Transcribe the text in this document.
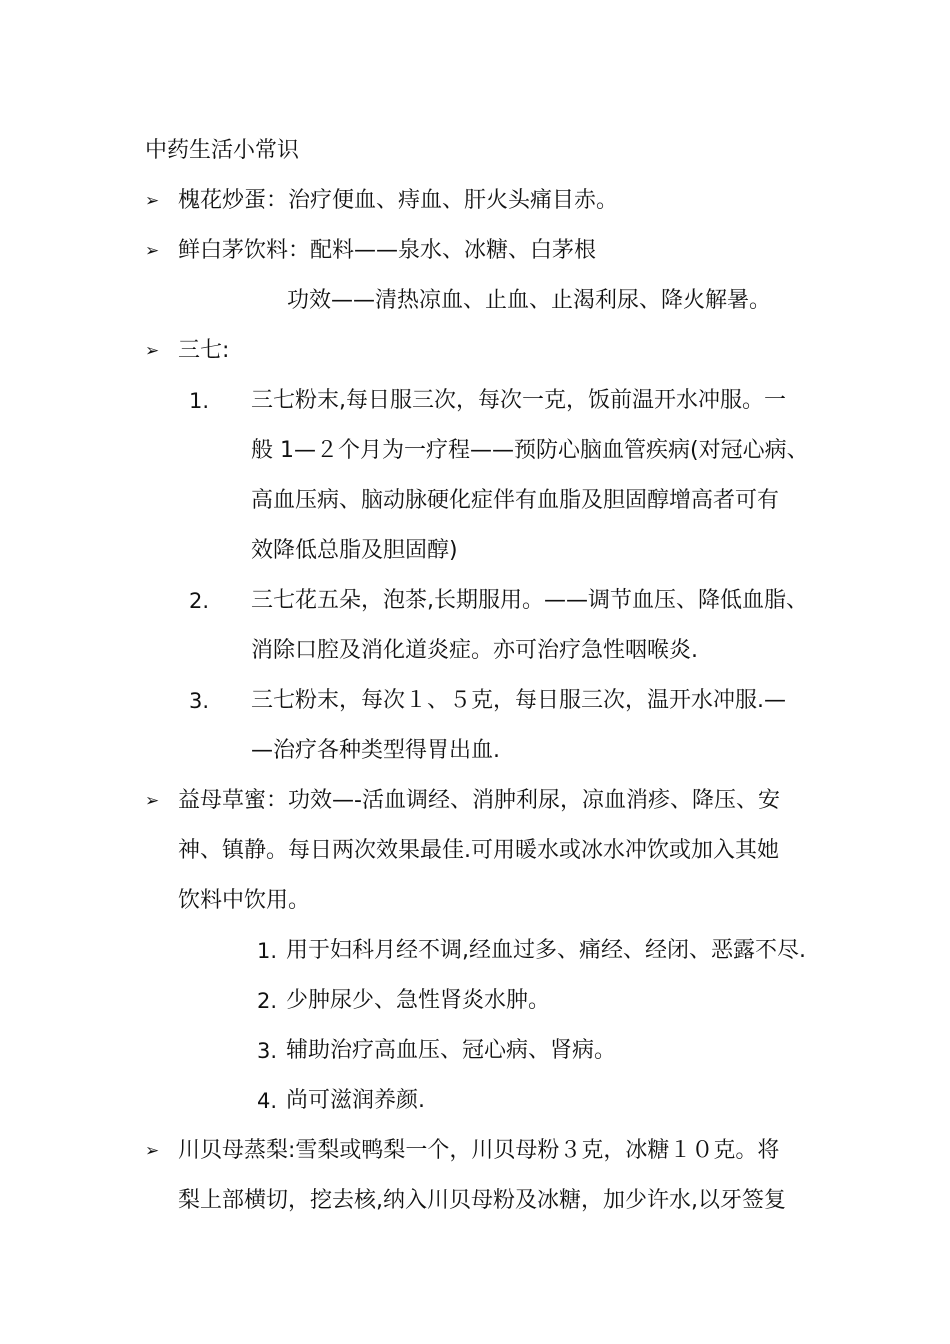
中药生活小常识
➢ 槐花炒蛋：治疗便血、痔血、肝火头痛目赤。
➢ 鲜白茅饮料：配料——泉水、冰糖、白茅根
功效——清热凉血、止血、止渴利尿、降火解暑。
➢ 三七:
1. 三七粉末,每日服三次，每次一克，饭前温开水冲服。一
般 1—２个月为一疗程——预防心脑血管疾病(对冠心病、
高血压病、脑动脉硬化症伴有血脂及胆固醇增高者可有
效降低总脂及胆固醇)
2. 三七花五朵，泡茶,长期服用。——调节血压、降低血脂、
消除口腔及消化道炎症。亦可治疗急性咽喉炎.
3. 三七粉末，每次１、５克，每日服三次，温开水冲服.—
—治疗各种类型得胃出血.
➢ 益母草蜜：功效—-活血调经、消肿利尿，凉血消疹、降压、安
神、镇静。每日两次效果最佳.可用暖水或冰水冲饮或加入其她
饮料中饮用。
1. 用于妇科月经不调,经血过多、痛经、经闭、恶露不尽.
2. 少肿尿少、急性肾炎水肿。
3. 辅助治疗高血压、冠心病、肾病。
4. 尚可滋润养颜.
➢ 川贝母蒸梨:雪梨或鸭梨一个，川贝母粉３克，冰糖１０克。将
梨上部横切，挖去核,纳入川贝母粉及冰糖，加少许水,以牙签复
